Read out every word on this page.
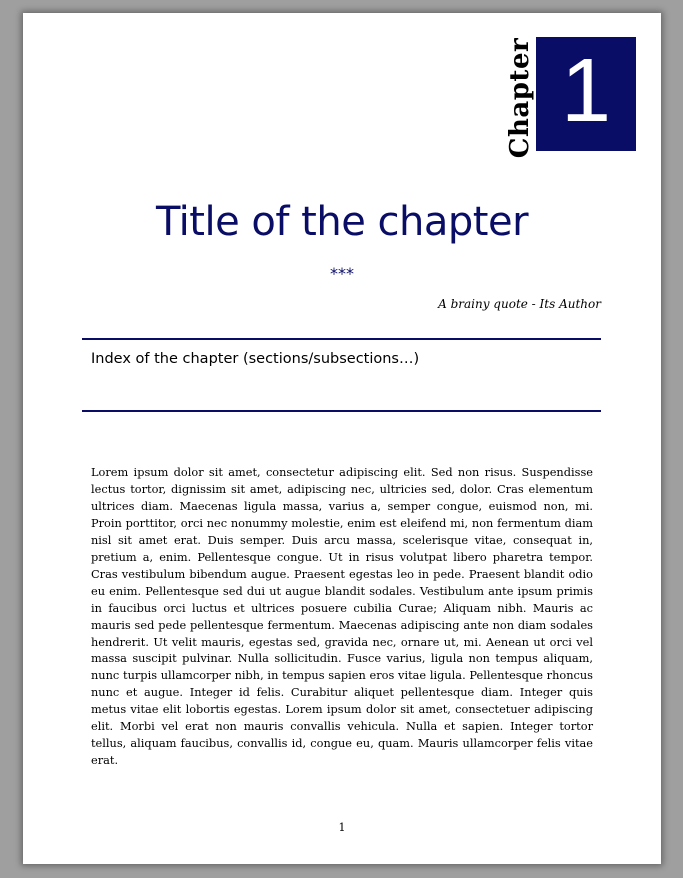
Chapter 1
Title of the chapter
***
A brainy quote - Its Author
Index of the chapter (sections/subsections…)

Lorem ipsum dolor sit amet, consectetur adipiscing elit. Sed non risus. Suspendisse lectus tortor, dignissim sit amet, adipiscing nec, ultricies sed, dolor. Cras elementum ultrices diam. Maecenas ligula massa, varius a, semper congue, euismod non, mi. Proin porttitor, orci nec nonummy molestie, enim est eleifend mi, non fermentum diam nisl sit amet erat. Duis semper. Duis arcu massa, scelerisque vitae, consequat in, pretium a, enim. Pellentesque congue. Ut in risus volutpat libero pharetra tempor. Cras vestibulum bibendum augue. Praesent egestas leo in pede. Praesent blandit odio eu enim. Pellentesque sed dui ut augue blandit sodales. Vestibulum ante ipsum primis in faucibus orci luctus et ultrices posuere cubilia Curae; Aliquam nibh. Mauris ac mauris sed pede pellentesque fermentum. Maecenas adipiscing ante non diam sodales hendrerit. Ut velit mauris, egestas sed, gravida nec, ornare ut, mi. Aenean ut orci vel massa suscipit pulvinar. Nulla sollicitudin. Fusce varius, ligula non tempus aliquam, nunc turpis ullamcorper nibh, in tempus sapien eros vitae ligula. Pellentesque rhoncus nunc et augue. Integer id felis. Curabitur aliquet pellentesque diam. Integer quis metus vitae elit lobortis egestas. Lorem ipsum dolor sit amet, consectetuer adipiscing elit. Morbi vel erat non mauris convallis vehicula. Nulla et sapien. Integer tortor tellus, aliquam faucibus, convallis id, congue eu, quam. Mauris ullamcorper felis vitae erat.

1
